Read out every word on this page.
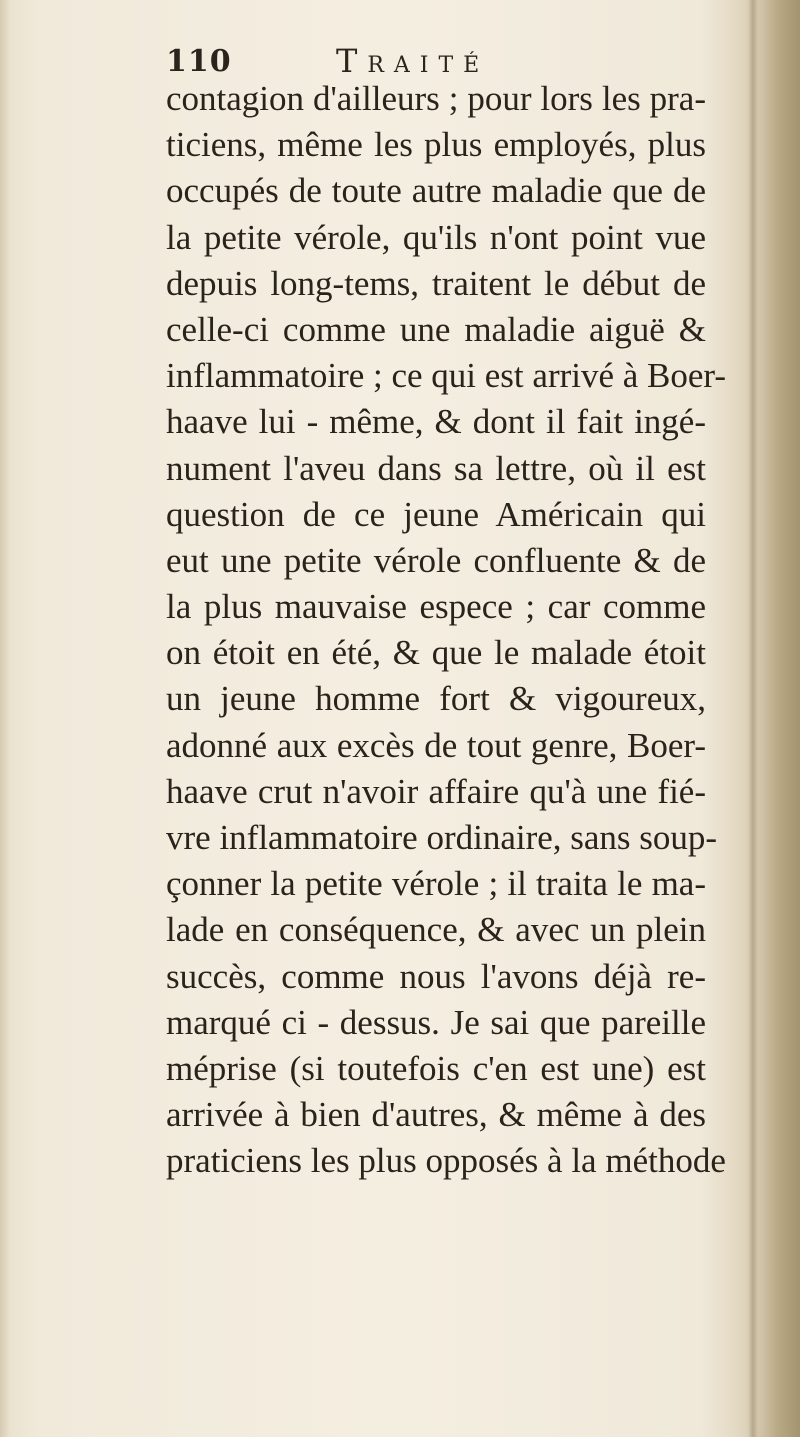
110	Traité
contagion d'ailleurs ; pour lors les pra-
ticiens, même les plus employés, plus
occupés de toute autre maladie que de
la petite vérole, qu'ils n'ont point vue
depuis long-tems, traitent le début de
celle-ci comme une maladie aiguë &
inflammatoire ; ce qui est arrivé à Boer-
haave lui - même, & dont il fait ingé-
nument l'aveu dans sa lettre, où il est
question de ce jeune Américain qui
eut une petite vérole confluente & de
la plus mauvaise espece ; car comme
on étoit en été, & que le malade étoit
un jeune homme fort & vigoureux,
adonné aux excès de tout genre, Boer-
haave crut n'avoir affaire qu'à une fié-
vre inflammatoire ordinaire, sans soup-
çonner la petite vérole ; il traita le ma-
lade en conséquence, & avec un plein
succès, comme nous l'avons déjà re-
marqué ci - dessus. Je sai que pareille
méprise (si toutefois c'en est une) est
arrivée à bien d'autres, & même à des
praticiens les plus opposés à la méthode
